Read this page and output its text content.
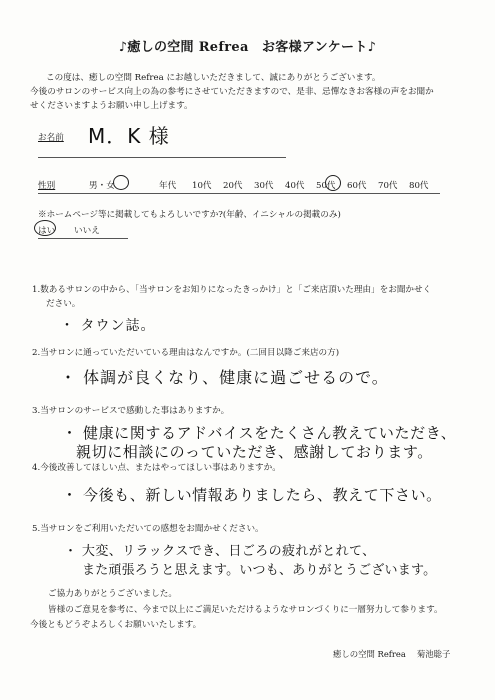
♪癒しの空間 Refrea　お客様アンケート♪
この度は、癒しの空間 Refrea にお越しいただきまして、誠にありがとうございます。
今後のサロンのサービス向上の為の参考にさせていただきますので、是非、忌憚なきお客様の声をお聞か
せくださいますようお願い申し上げます。
お名前 M．K 様
性別	男・女	年代 10代 20代 30代 40代 50代 60代 70代 80代
※ホームページ等に掲載してもよろしいですか?(年齢、イニシャルの掲載のみ)
はい いいえ
1.数あるサロンの中から、「当サロンをお知りになったきっかけ」と「ご来店頂いた理由」をお聞かせく
ださい。
・ タウン誌。
2.当サロンに通っていただいている理由はなんですか。(二回目以降ご来店の方)
・ 体調が良くなり、健康に過ごせるので。
3.当サロンのサービスで感動した事はありますか。
・ 健康に関するアドバイスをたくさん教えていただき、
親切に相談にのっていただき、感謝しております。
4.今後改善してほしい点、またはやってほしい事はありますか。
・ 今後も、新しい情報ありましたら、教えて下さい。
5.当サロンをご利用いただいての感想をお聞かせください。
・ 大変、リラックスでき、日ごろの疲れがとれて、
また頑張ろうと思えます。いつも、ありがとうございます。
ご協力ありがとうございました。
皆様のご意見を参考に、今まで以上にご満足いただけるようなサロンづくりに一層努力して参ります。
今後ともどうぞよろしくお願いいたします。
癒しの空間 Refrea　 菊池聡子
